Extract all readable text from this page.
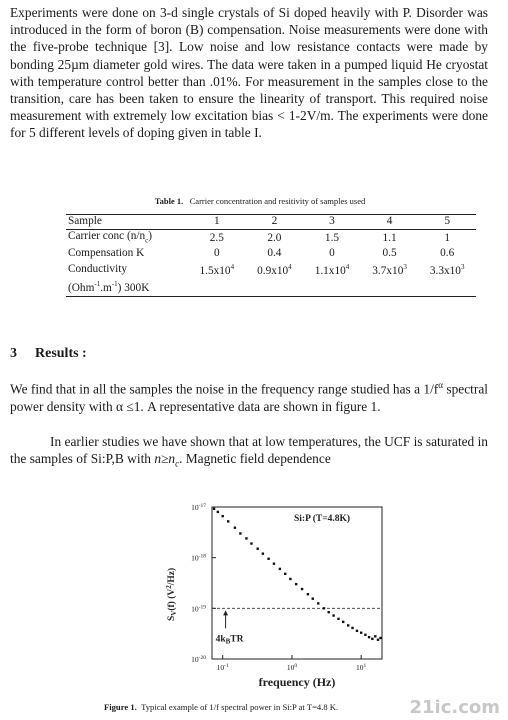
Experiments were done on 3-d single crystals of Si doped heavily with P. Disorder was introduced in the form of boron (B) compensation. Noise measurements were done with the five-probe technique [3]. Low noise and low resistance contacts were made by bonding 25µm diameter gold wires. The data were taken in a pumped liquid He cryostat with temperature control better than .01%. For measurement in the samples close to the transition, care has been taken to ensure the linearity of transport. This required noise measurement with extremely low excitation bias < 1-2V/m. The experiments were done for 5 different levels of doping given in table I.

Table 1. Carrier concentration and resitivity of samples used
Sample	1	2	3	4	5
Carrier conc $(n/n_c)$	2.5	2.0	1.5	1.1	1
Compensation K	0	0.4	0	0.5	0.6
Conductivity	$1.5x10^4$	$0.9x10^4$	$1.1x10^4$	$3.7x10^3$	$3.3x10^3$
$(Ohm^{-1}.m^{-1})$ 300K					
3 Results :

We find that in all the samples the noise in the frequency range studied has a $1/f^\alpha$ spectral power density with α ≤1. A representative data are shown in figure 1.

In earlier studies we have shown that at low temperatures, the UCF is saturated in the samples of Si:P,B with $n\ge n_c$. Magnetic field dependence

$10^{-17}$
$10^{-18}$
$10^{-19}$
$10^{-20}$
$10^{-1}$	$10^0$	$10^1$
Si:P (T=4.8K)
$S_V(f)$ $(V^2/Hz)$
frequency (Hz)
$4k_BTR$
Figure 1. Typical example of 1/f spectral power in Si:P at T=4.8 K.	21ic.com
